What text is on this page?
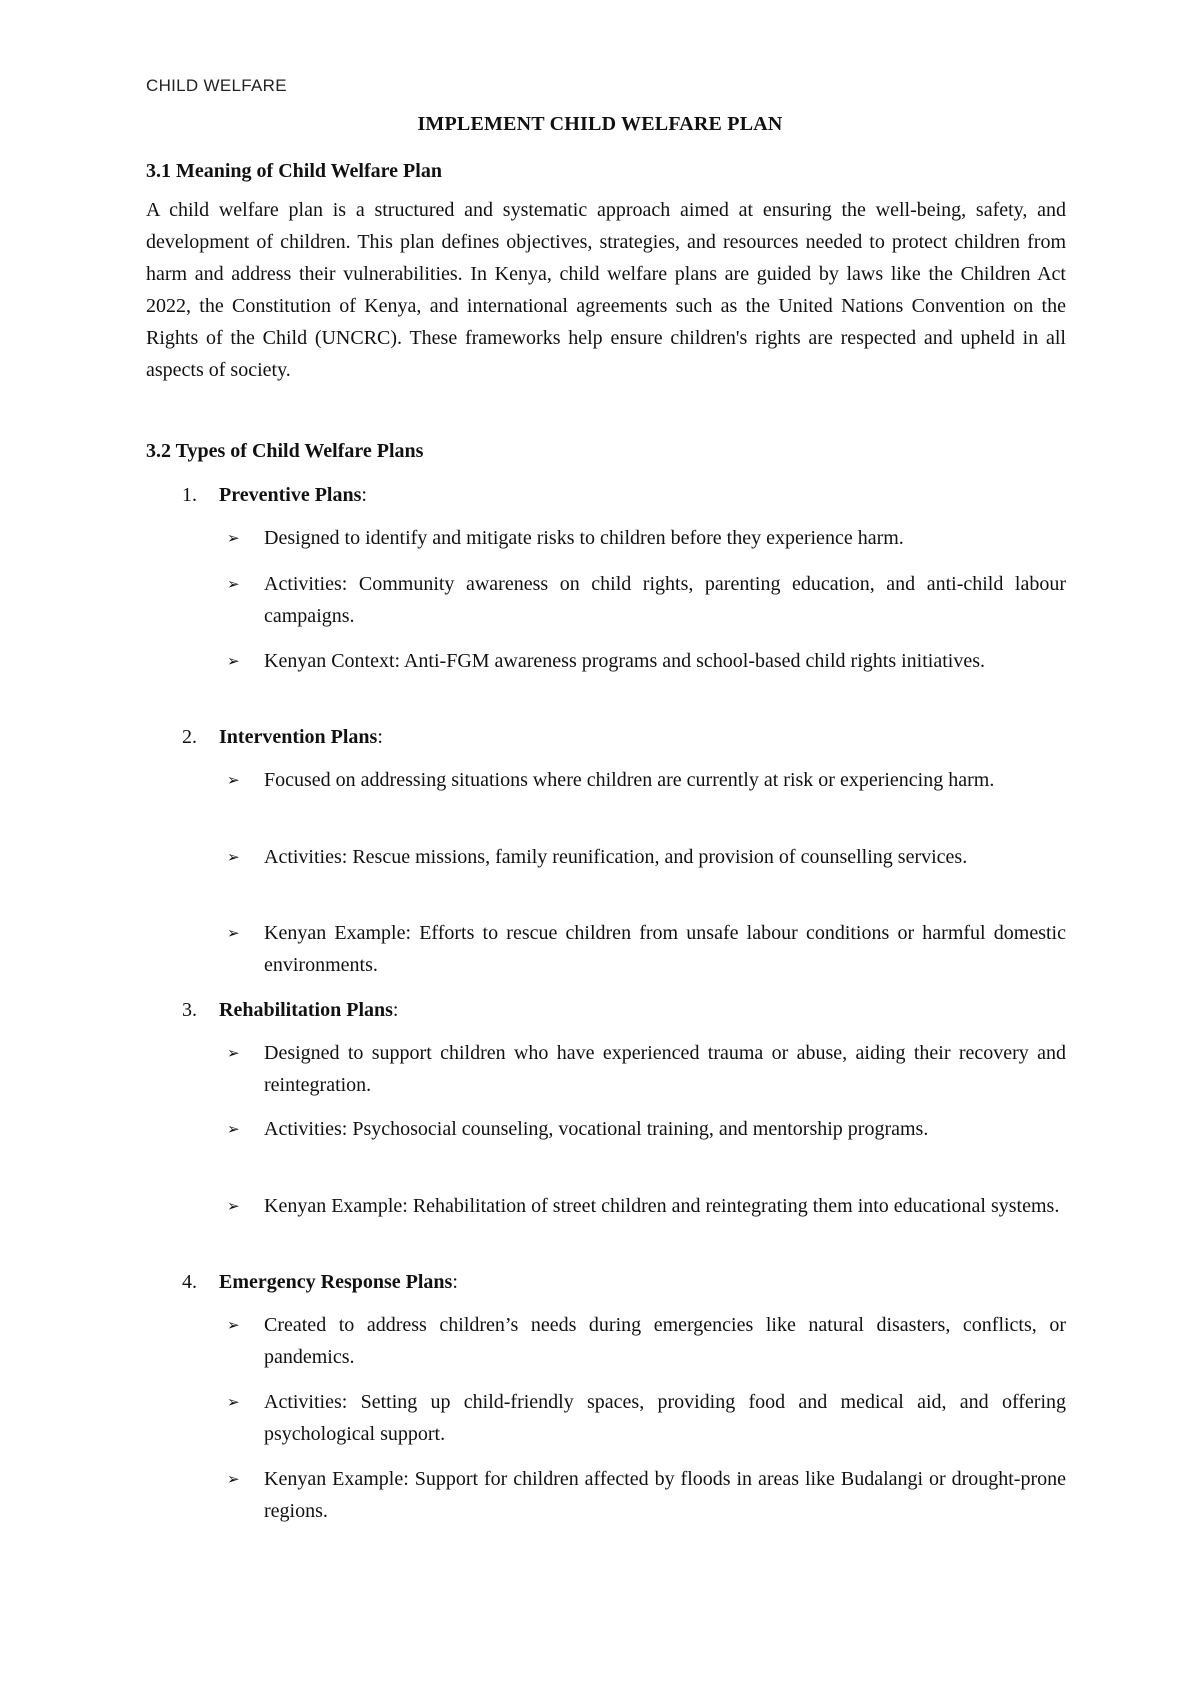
CHILD WELFARE
IMPLEMENT CHILD WELFARE PLAN
3.1 Meaning of Child Welfare Plan
A child welfare plan is a structured and systematic approach aimed at ensuring the well-being, safety, and development of children. This plan defines objectives, strategies, and resources needed to protect children from harm and address their vulnerabilities. In Kenya, child welfare plans are guided by laws like the Children Act 2022, the Constitution of Kenya, and international agreements such as the United Nations Convention on the Rights of the Child (UNCRC). These frameworks help ensure children's rights are respected and upheld in all aspects of society.
3.2 Types of Child Welfare Plans
1. Preventive Plans:
➢ Designed to identify and mitigate risks to children before they experience harm.
➢ Activities: Community awareness on child rights, parenting education, and anti-child labour campaigns.
➢ Kenyan Context: Anti-FGM awareness programs and school-based child rights initiatives.
2. Intervention Plans:
➢ Focused on addressing situations where children are currently at risk or experiencing harm.
➢ Activities: Rescue missions, family reunification, and provision of counselling services.
➢ Kenyan Example: Efforts to rescue children from unsafe labour conditions or harmful domestic environments.
3. Rehabilitation Plans:
➢ Designed to support children who have experienced trauma or abuse, aiding their recovery and reintegration.
➢ Activities: Psychosocial counseling, vocational training, and mentorship programs.
➢ Kenyan Example: Rehabilitation of street children and reintegrating them into educational systems.
4. Emergency Response Plans:
➢ Created to address children’s needs during emergencies like natural disasters, conflicts, or pandemics.
➢ Activities: Setting up child-friendly spaces, providing food and medical aid, and offering psychological support.
➢ Kenyan Example: Support for children affected by floods in areas like Budalangi or drought-prone regions.
